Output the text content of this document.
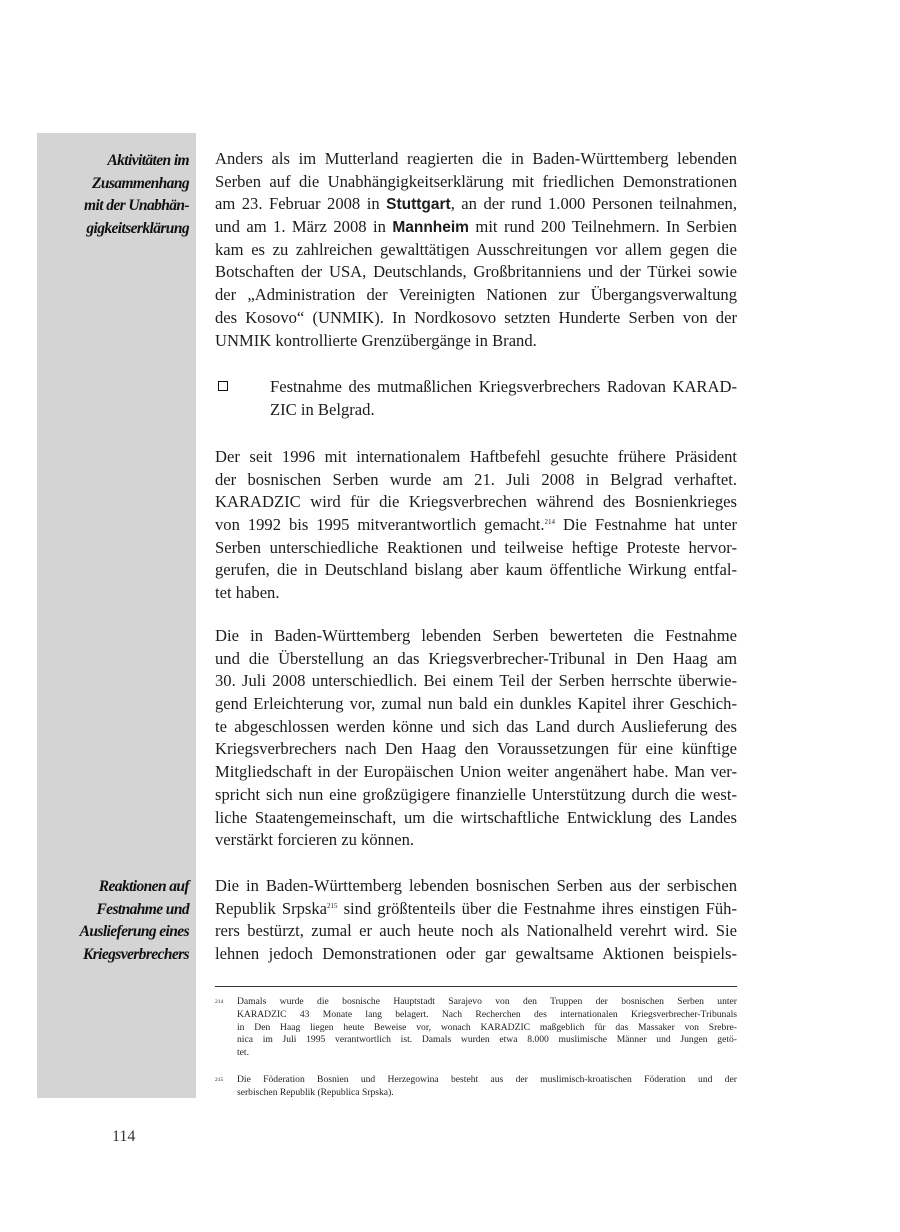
Aktivitäten im
Zusammenhang
mit der Unabhän-
gigkeitserklärung
Reaktionen auf
Festnahme und
Auslieferung eines
Kriegsverbrechers
Anders als im Mutterland reagierten die in Baden-Württemberg lebenden
Serben auf die Unabhängigkeitserklärung mit friedlichen Demonstrationen
am 23. Februar 2008 in Stuttgart, an der rund 1.000 Personen teilnahmen,
und am 1. März 2008 in Mannheim mit rund 200 Teilnehmern. In Serbien
kam es zu zahlreichen gewalttätigen Ausschreitungen vor allem gegen die
Botschaften der USA, Deutschlands, Großbritanniens und der Türkei sowie
der „Administration der Vereinigten Nationen zur Übergangsverwaltung
des Kosovo“ (UNMIK). In Nordkosovo setzten Hunderte Serben von der
UNMIK kontrollierte Grenzübergänge in Brand.
Festnahme des mutmaßlichen Kriegsverbrechers Radovan KARAD-
ZIC in Belgrad.
Der seit 1996 mit internationalem Haftbefehl gesuchte frühere Präsident
der bosnischen Serben wurde am 21. Juli 2008 in Belgrad verhaftet.
KARADZIC wird für die Kriegsverbrechen während des Bosnienkrieges
von 1992 bis 1995 mitverantwortlich gemacht.$^{214}$ Die Festnahme hat unter
Serben unterschiedliche Reaktionen und teilweise heftige Proteste hervor-
gerufen, die in Deutschland bislang aber kaum öffentliche Wirkung entfal-
tet haben.
Die in Baden-Württemberg lebenden Serben bewerteten die Festnahme
und die Überstellung an das Kriegsverbrecher-Tribunal in Den Haag am
30. Juli 2008 unterschiedlich. Bei einem Teil der Serben herrschte überwie-
gend Erleichterung vor, zumal nun bald ein dunkles Kapitel ihrer Geschich-
te abgeschlossen werden könne und sich das Land durch Auslieferung des
Kriegsverbrechers nach Den Haag den Voraussetzungen für eine künftige
Mitgliedschaft in der Europäischen Union weiter angenähert habe. Man ver-
spricht sich nun eine großzügigere finanzielle Unterstützung durch die west-
liche Staatengemeinschaft, um die wirtschaftliche Entwicklung des Landes
verstärkt forcieren zu können.
Die in Baden-Württemberg lebenden bosnischen Serben aus der serbischen
Republik Srpska$^{215}$ sind größtenteils über die Festnahme ihres einstigen Füh-
rers bestürzt, zumal er auch heute noch als Nationalheld verehrt wird. Sie
lehnen jedoch Demonstrationen oder gar gewaltsame Aktionen beispiels-
214 Damals wurde die bosnische Hauptstadt Sarajevo von den Truppen der bosnischen Serben unter
KARADZIC 43 Monate lang belagert. Nach Recherchen des internationalen Kriegsverbrecher-Tribunals
in Den Haag liegen heute Beweise vor, wonach KARADZIC maßgeblich für das Massaker von Srebre-
nica im Juli 1995 verantwortlich ist. Damals wurden etwa 8.000 muslimische Männer und Jungen getö-
tet.
215 Die Föderation Bosnien und Herzegowina besteht aus der muslimisch-kroatischen Föderation und der
serbischen Republik (Republica Srpska).
114
